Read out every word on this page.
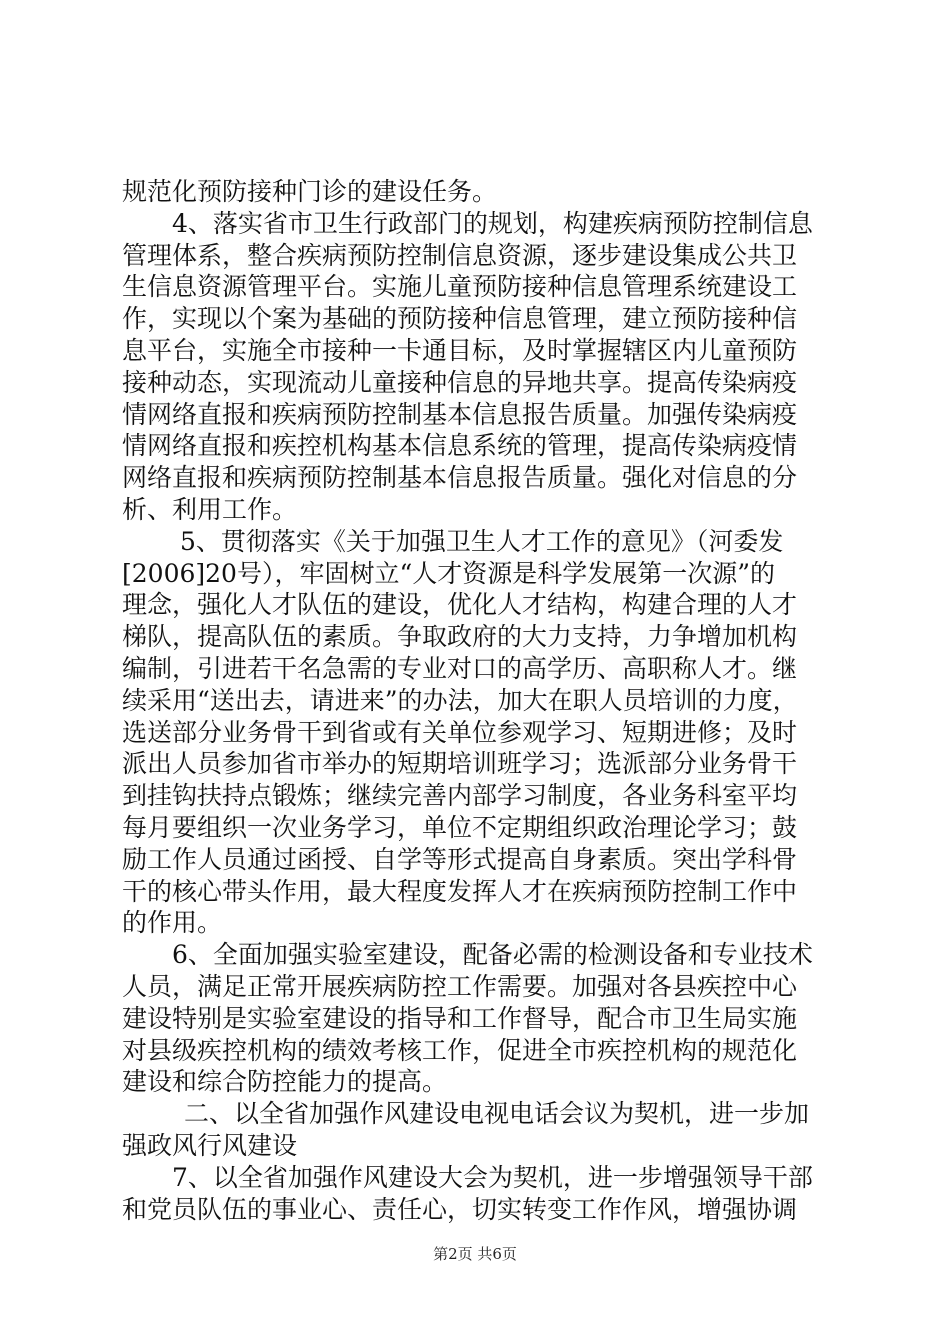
规范化预防接种门诊的建设任务。
4、落实省市卫生行政部门的规划，构建疾病预防控制信息
管理体系，整合疾病预防控制信息资源，逐步建设集成公共卫
生信息资源管理平台。实施儿童预防接种信息管理系统建设工
作，实现以个案为基础的预防接种信息管理，建立预防接种信
息平台，实施全市接种一卡通目标，及时掌握辖区内儿童预防
接种动态，实现流动儿童接种信息的异地共享。提高传染病疫
情网络直报和疾病预防控制基本信息报告质量。加强传染病疫
情网络直报和疾控机构基本信息系统的管理，提高传染病疫情
网络直报和疾病预防控制基本信息报告质量。强化对信息的分
析、利用工作。
5、贯彻落实《关于加强卫生人才工作的意见》（河委发
[2006]20号），牢固树立“人才资源是科学发展第一次源”的
理念，强化人才队伍的建设，优化人才结构，构建合理的人才
梯队，提高队伍的素质。争取政府的大力支持，力争增加机构
编制，引进若干名急需的专业对口的高学历、高职称人才。继
续采用“送出去，请进来”的办法，加大在职人员培训的力度，
选送部分业务骨干到省或有关单位参观学习、短期进修；及时
派出人员参加省市举办的短期培训班学习；选派部分业务骨干
到挂钩扶持点锻炼；继续完善内部学习制度，各业务科室平均
每月要组织一次业务学习，单位不定期组织政治理论学习；鼓
励工作人员通过函授、自学等形式提高自身素质。突出学科骨
干的核心带头作用，最大程度发挥人才在疾病预防控制工作中
的作用。
6、全面加强实验室建设，配备必需的检测设备和专业技术
人员，满足正常开展疾病防控工作需要。加强对各县疾控中心
建设特别是实验室建设的指导和工作督导，配合市卫生局实施
对县级疾控机构的绩效考核工作，促进全市疾控机构的规范化
建设和综合防控能力的提高。
二、以全省加强作风建设电视电话会议为契机，进一步加
强政风行风建设
7、以全省加强作风建设大会为契机，进一步增强领导干部
和党员队伍的事业心、责任心，切实转变工作作风，增强协调
第2页 共6页
